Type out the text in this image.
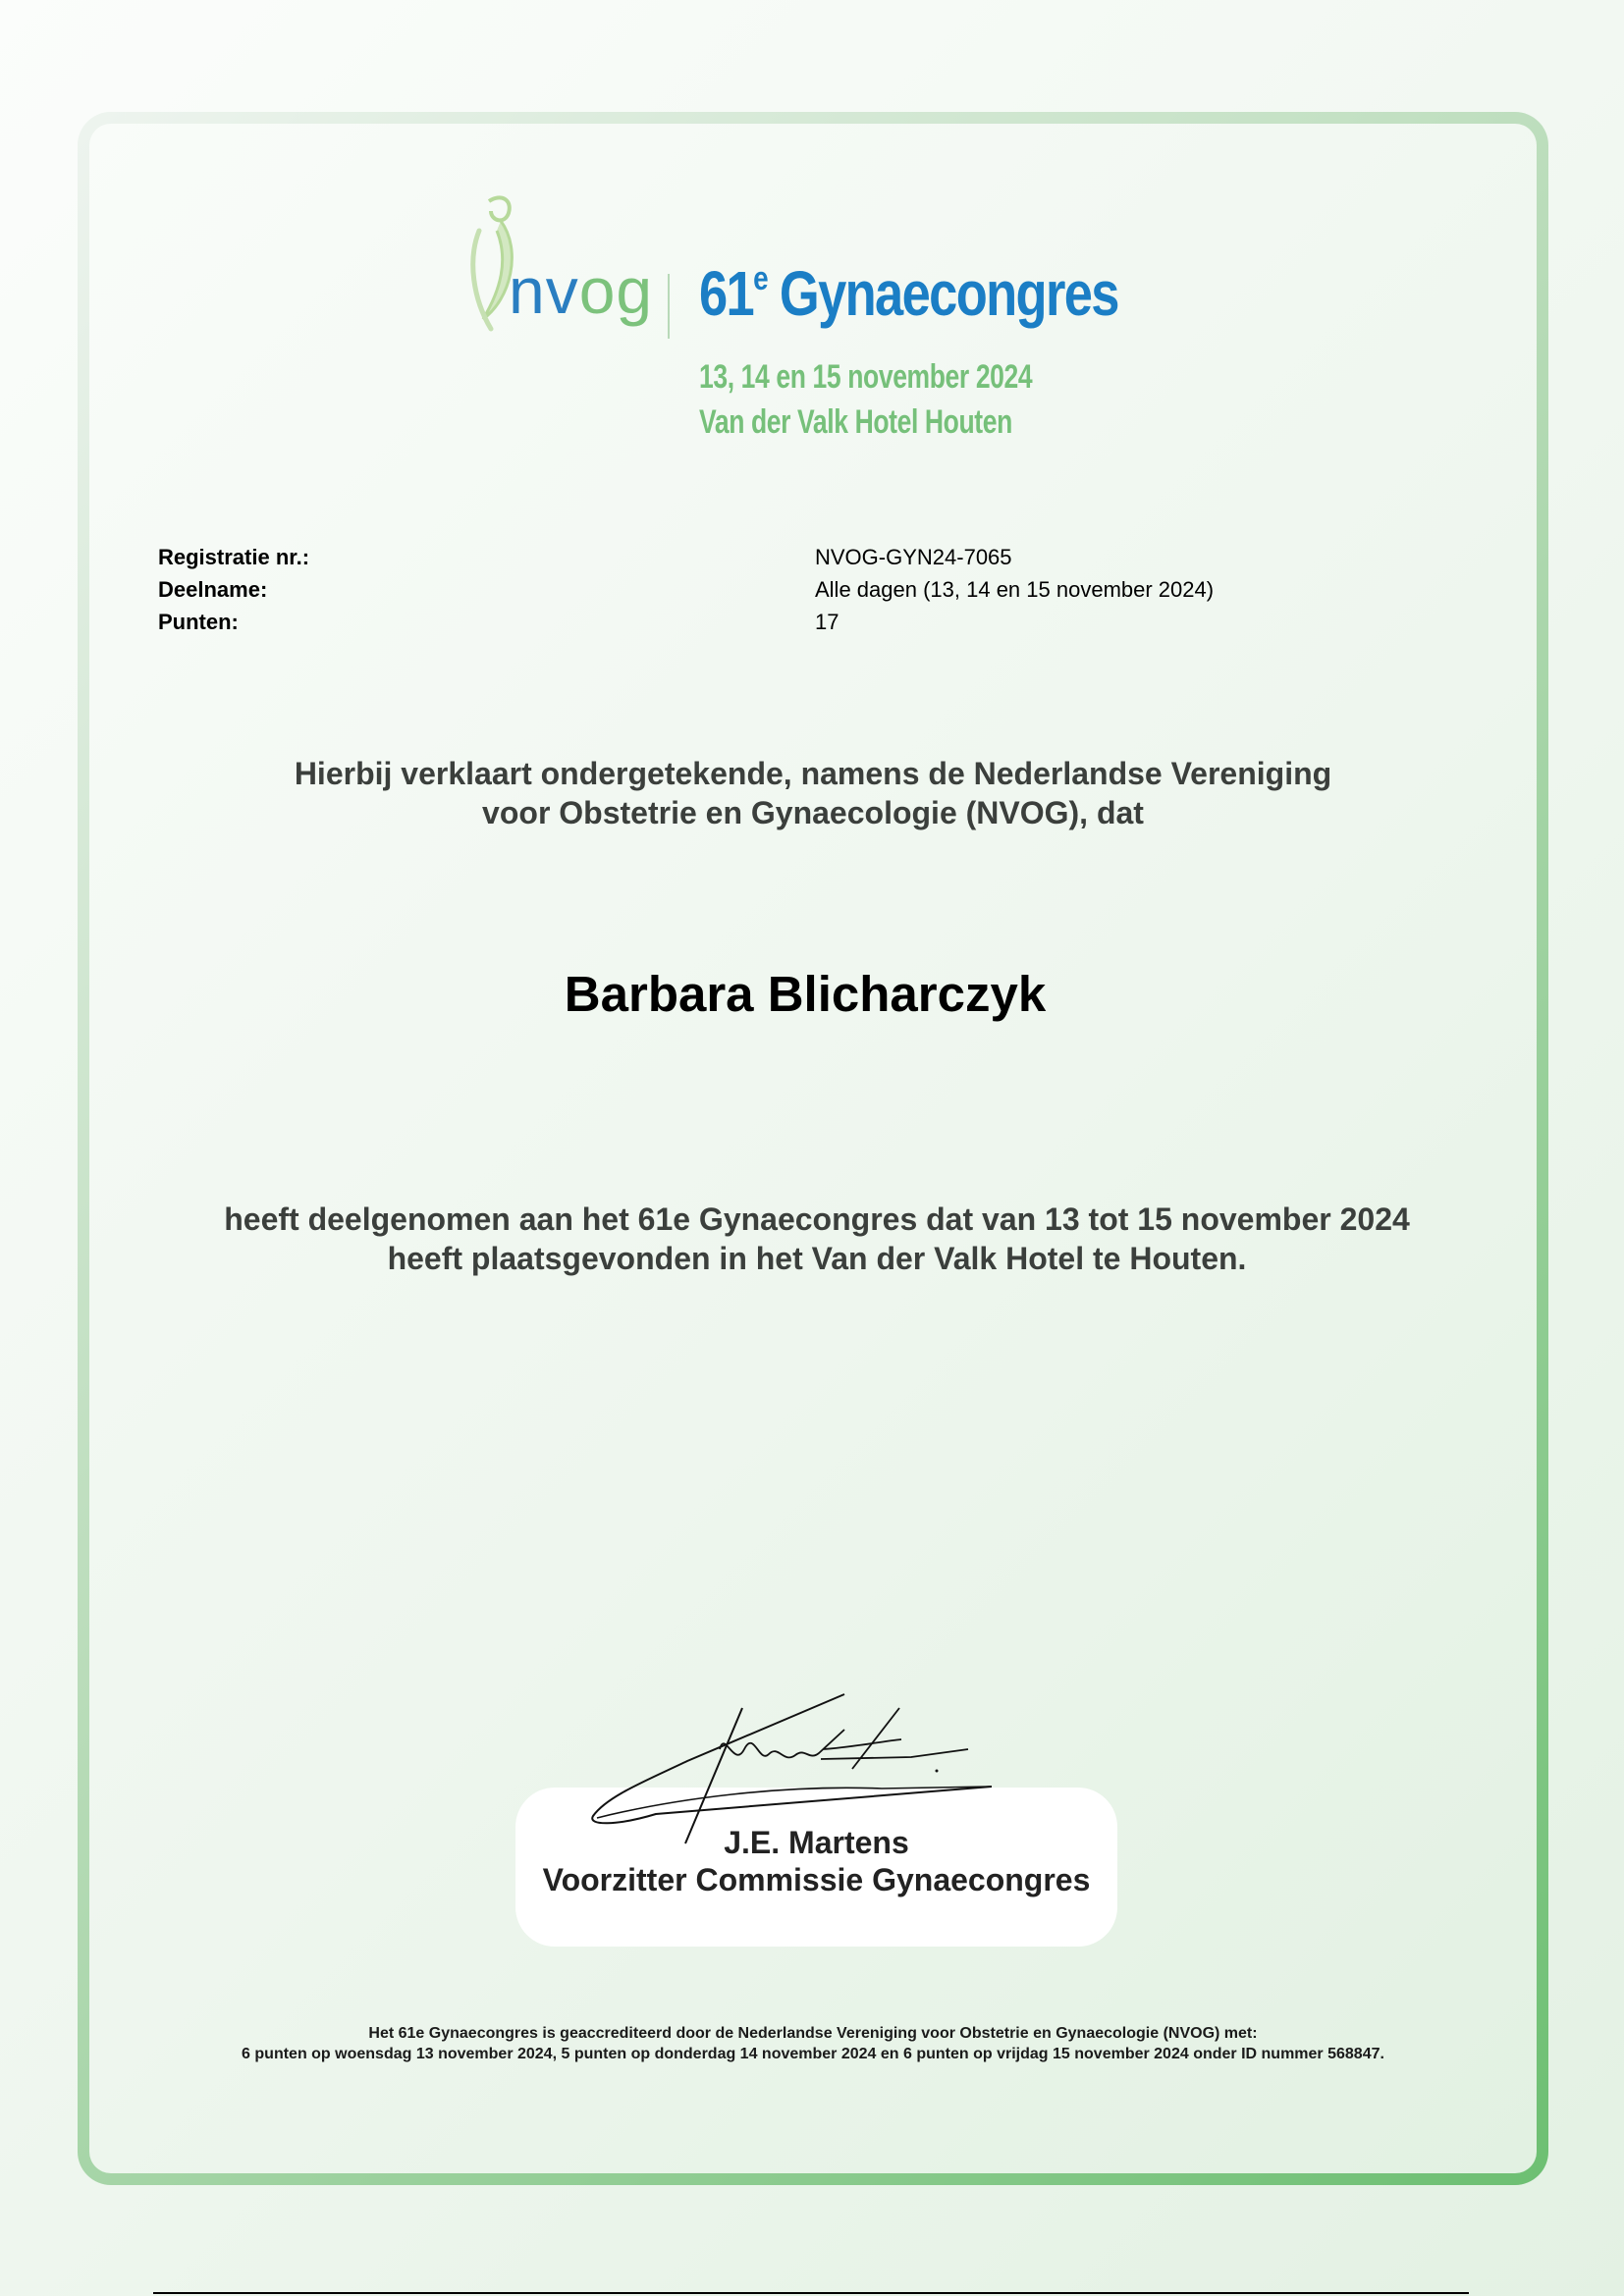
nvog 61e Gynaecongres
13, 14 en 15 november 2024
Van der Valk Hotel Houten
Registratie nr.:	NVOG-GYN24-7065
Deelname:	Alle dagen (13, 14 en 15 november 2024)
Punten:	17
Hierbij verklaart ondergetekende, namens de Nederlandse Vereniging
voor Obstetrie en Gynaecologie (NVOG), dat
Barbara Blicharczyk
heeft deelgenomen aan het 61e Gynaecongres dat van 13 tot 15 november 2024
heeft plaatsgevonden in het Van der Valk Hotel te Houten.
J.E. Martens
Voorzitter Commissie Gynaecongres
Het 61e Gynaecongres is geaccrediteerd door de Nederlandse Vereniging voor Obstetrie en Gynaecologie (NVOG) met:
6 punten op woensdag 13 november 2024, 5 punten op donderdag 14 november 2024 en 6 punten op vrijdag 15 november 2024 onder ID nummer 568847.
